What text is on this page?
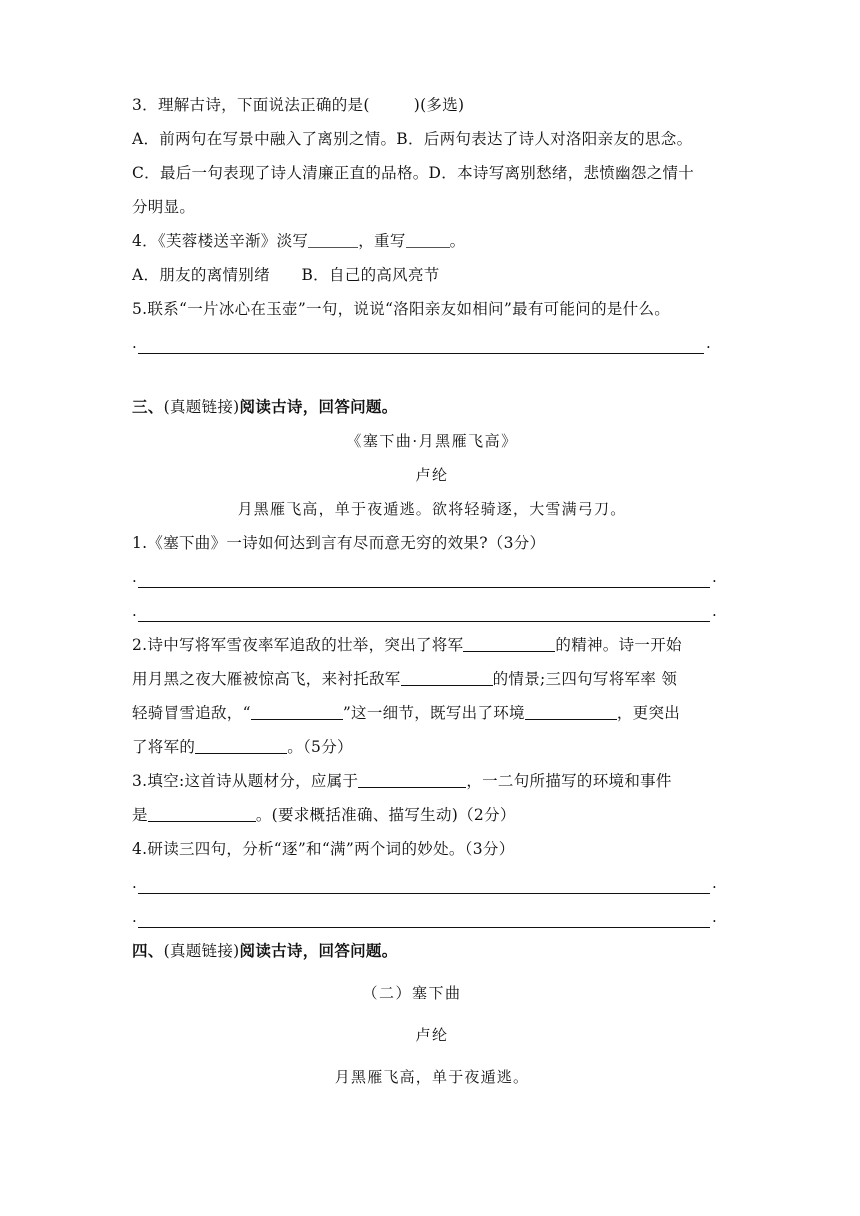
3．理解古诗，下面说法正确的是(	)(多选)
A．前两句在写景中融入了离别之情。B．后两句表达了诗人对洛阳亲友的思念。
C．最后一句表现了诗人清廉正直的品格。D．本诗写离别愁绪，悲愤幽怨之情十
分明显。
4．《芙蓉楼送辛渐》淡写	，重写	。
A．朋友的离情别绪　　B．自己的高风亮节
5.联系“一片冰心在玉壶”一句，说说“洛阳亲友如相问”最有可能问的是什么。
.	.
三、(真题链接)阅读古诗，回答问题。
《塞下曲·月黑雁飞高》
卢纶
月黑雁飞高，单于夜遁逃。欲将轻骑逐，大雪满弓刀。
1.《塞下曲》一诗如何达到言有尽而意无穷的效果?（3分）
.	.
.	.
2.诗中写将军雪夜率军追敌的壮举，突出了将军	的精神。诗一开始
用月黑之夜大雁被惊高飞，来衬托敌军	的情景;三四句写将军率 领
轻骑冒雪追敌，“	”这一细节，既写出了环境	，更突出
了将军的	。（5分）
3.填空:这首诗从题材分，应属于	，一二句所描写的环境和事件
是	。(要求概括准确、描写生动)（2分）
4.研读三四句，分析“逐”和“满”两个词的妙处。（3分）
.	.
.	.
四、(真题链接)阅读古诗，回答问题。
（二）塞下曲
卢纶
月黑雁飞高，单于夜遁逃。
